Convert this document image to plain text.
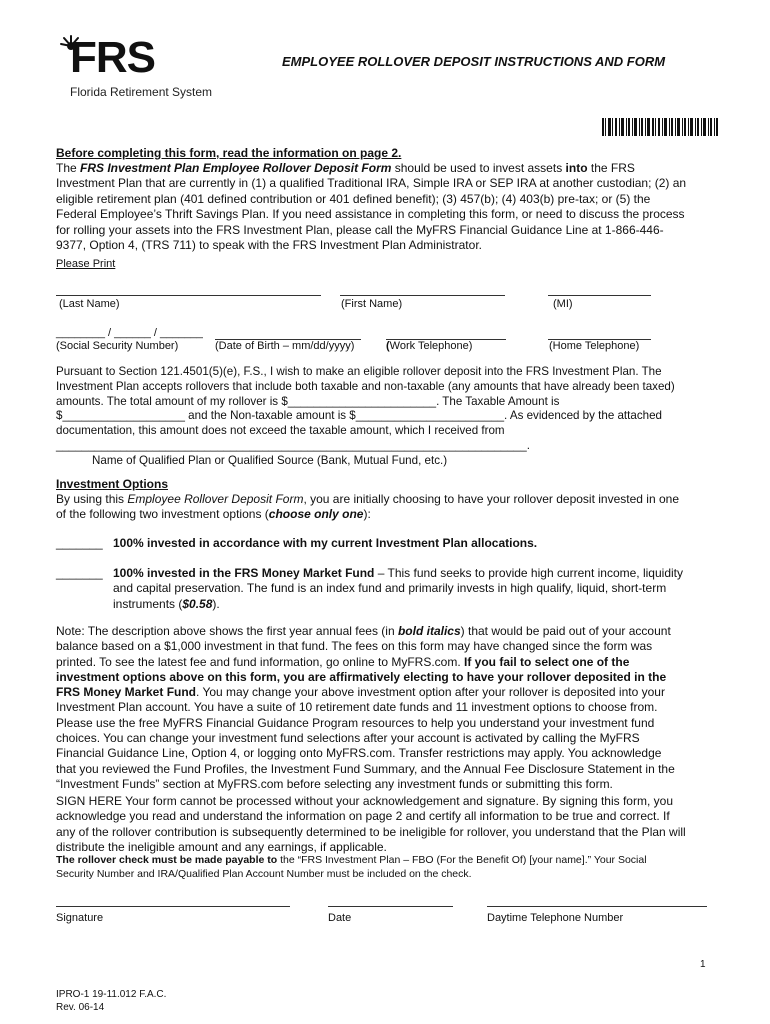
FRS
Florida Retirement System
EMPLOYEE ROLLOVER DEPOSIT INSTRUCTIONS AND FORM
Before completing this form, read the information on page 2.
The FRS Investment Plan Employee Rollover Deposit Form should be used to invest assets into the FRS
Investment Plan that are currently in (1) a qualified Traditional IRA, Simple IRA or SEP IRA at another custodian; (2) an
eligible retirement plan (401 defined contribution or 401 defined benefit); (3) 457(b); (4) 403(b) pre-tax; or (5) the
Federal Employee’s Thrift Savings Plan. If you need assistance in completing this form, or need to discuss the process
for rolling your assets into the FRS Investment Plan, please call the MyFRS Financial Guidance Line at 1-866-446-
9377, Option 4, (TRS 711) to speak with the FRS Investment Plan Administrator.
Please Print
(Last Name)	(First Name)	(MI)
________ / ______ / _______
(Social Security Number)	(Date of Birth – mm/dd/yyyy)	(Work Telephone)	(Home Telephone)
Pursuant to Section 121.4501(5)(e), F.S., I wish to make an eligible rollover deposit into the FRS Investment Plan. The
Investment Plan accepts rollovers that include both taxable and non-taxable (any amounts that have already been taxed)
amounts. The total amount of my rollover is $_______________________. The Taxable Amount is
$___________________ and the Non-taxable amount is $_______________________. As evidenced by the attached
documentation, this amount does not exceed the taxable amount, which I received from
_________________________________________________________________________.
Name of Qualified Plan or Qualified Source (Bank, Mutual Fund, etc.)
Investment Options
By using this Employee Rollover Deposit Form, you are initially choosing to have your rollover deposit invested in one
of the following two investment options (choose only one):
_______ 100% invested in accordance with my current Investment Plan allocations.
_______ 100% invested in the FRS Money Market Fund – This fund seeks to provide high current income, liquidity
and capital preservation. The fund is an index fund and primarily invests in high qualify, liquid, short-term
instruments ($0.58).
Note: The description above shows the first year annual fees (in bold italics) that would be paid out of your account
balance based on a $1,000 investment in that fund. The fees on this form may have changed since the form was
printed. To see the latest fee and fund information, go online to MyFRS.com. If you fail to select one of the
investment options above on this form, you are affirmatively electing to have your rollover deposited in the
FRS Money Market Fund. You may change your above investment option after your rollover is deposited into your
Investment Plan account. You have a suite of 10 retirement date funds and 11 investment options to choose from.
Please use the free MyFRS Financial Guidance Program resources to help you understand your investment fund
choices. You can change your investment fund selections after your account is activated by calling the MyFRS
Financial Guidance Line, Option 4, or logging onto MyFRS.com. Transfer restrictions may apply. You acknowledge
that you reviewed the Fund Profiles, the Investment Fund Summary, and the Annual Fee Disclosure Statement in the
“Investment Funds” section at MyFRS.com before selecting any investment funds or submitting this form.
SIGN HERE Your form cannot be processed without your acknowledgement and signature. By signing this form, you
acknowledge you read and understand the information on page 2 and certify all information to be true and correct. If
any of the rollover contribution is subsequently determined to be ineligible for rollover, you understand that the Plan will
distribute the ineligible amount and any earnings, if applicable.
The rollover check must be made payable to the “FRS Investment Plan – FBO (For the Benefit Of) [your name].” Your Social
Security Number and IRA/Qualified Plan Account Number must be included on the check.
Signature	Date	Daytime Telephone Number
1
IPRO-1 19-11.012 F.A.C.
Rev. 06-14
